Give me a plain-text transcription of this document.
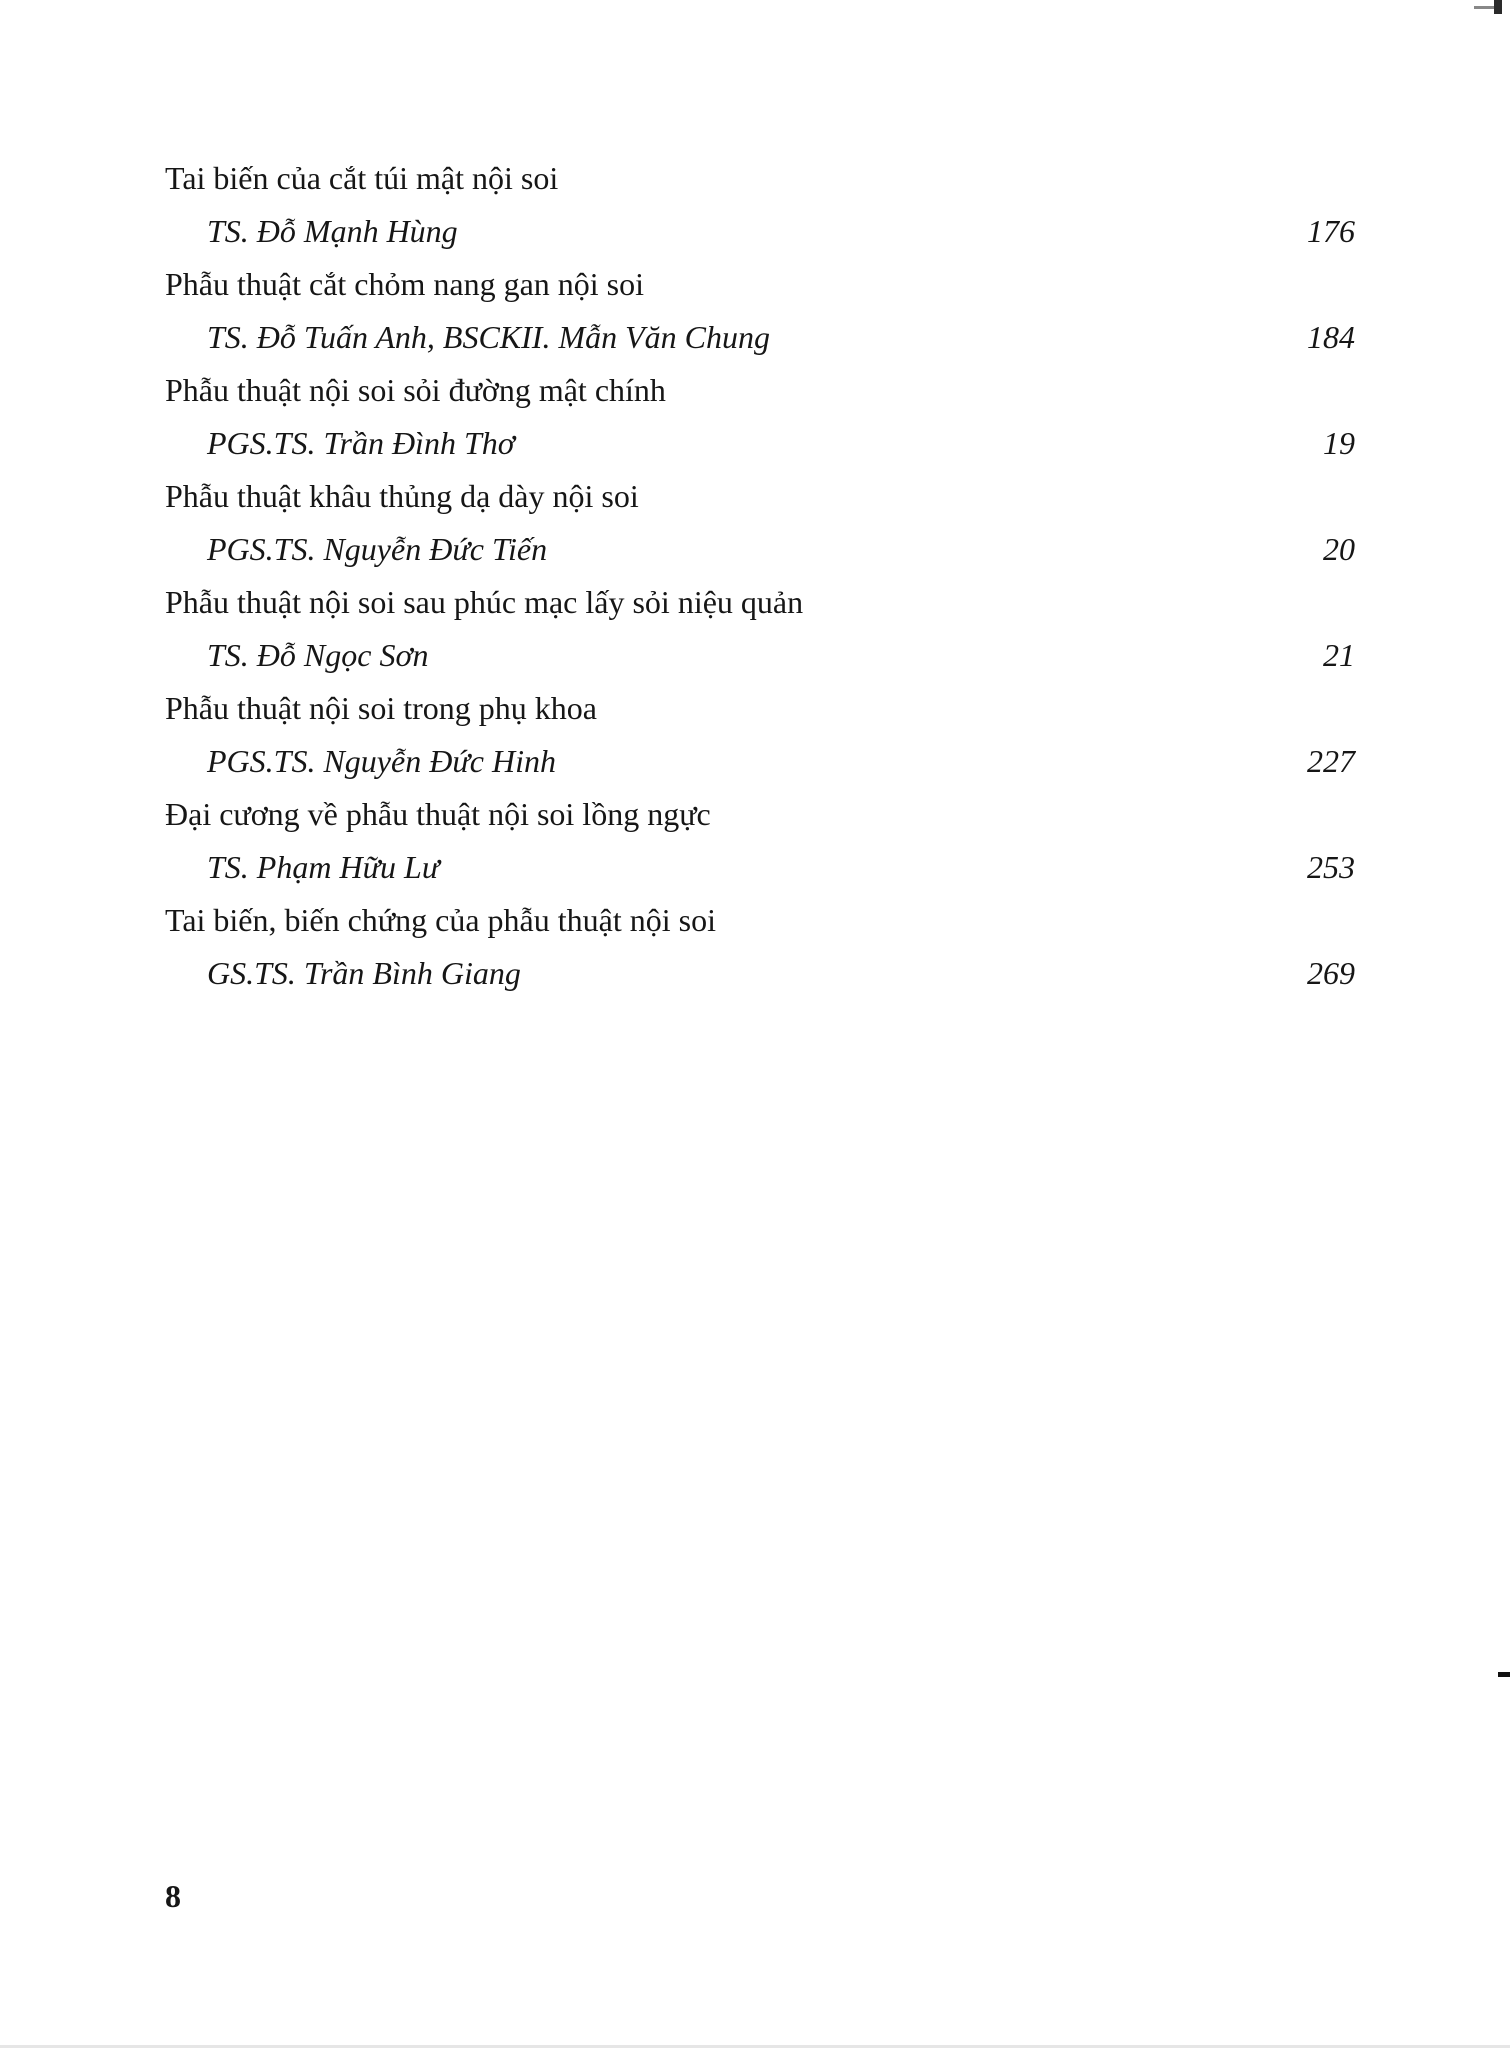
Tai biến của cắt túi mật nội soi
TS. Đỗ Mạnh Hùng	176
Phẫu thuật cắt chỏm nang gan nội soi
TS. Đỗ Tuấn Anh, BSCKII. Mẫn Văn Chung	184
Phẫu thuật nội soi sỏi đường mật chính
PGS.TS. Trần Đình Thơ	19
Phẫu thuật khâu thủng dạ dày nội soi
PGS.TS. Nguyễn Đức Tiến	20
Phẫu thuật nội soi sau phúc mạc lấy sỏi niệu quản
TS. Đỗ Ngọc Sơn	21
Phẫu thuật nội soi trong phụ khoa
PGS.TS. Nguyễn Đức Hinh	227
Đại cương về phẫu thuật nội soi lồng ngực
TS. Phạm Hữu Lư	253
Tai biến, biến chứng của phẫu thuật nội soi
GS.TS. Trần Bình Giang	269
8
